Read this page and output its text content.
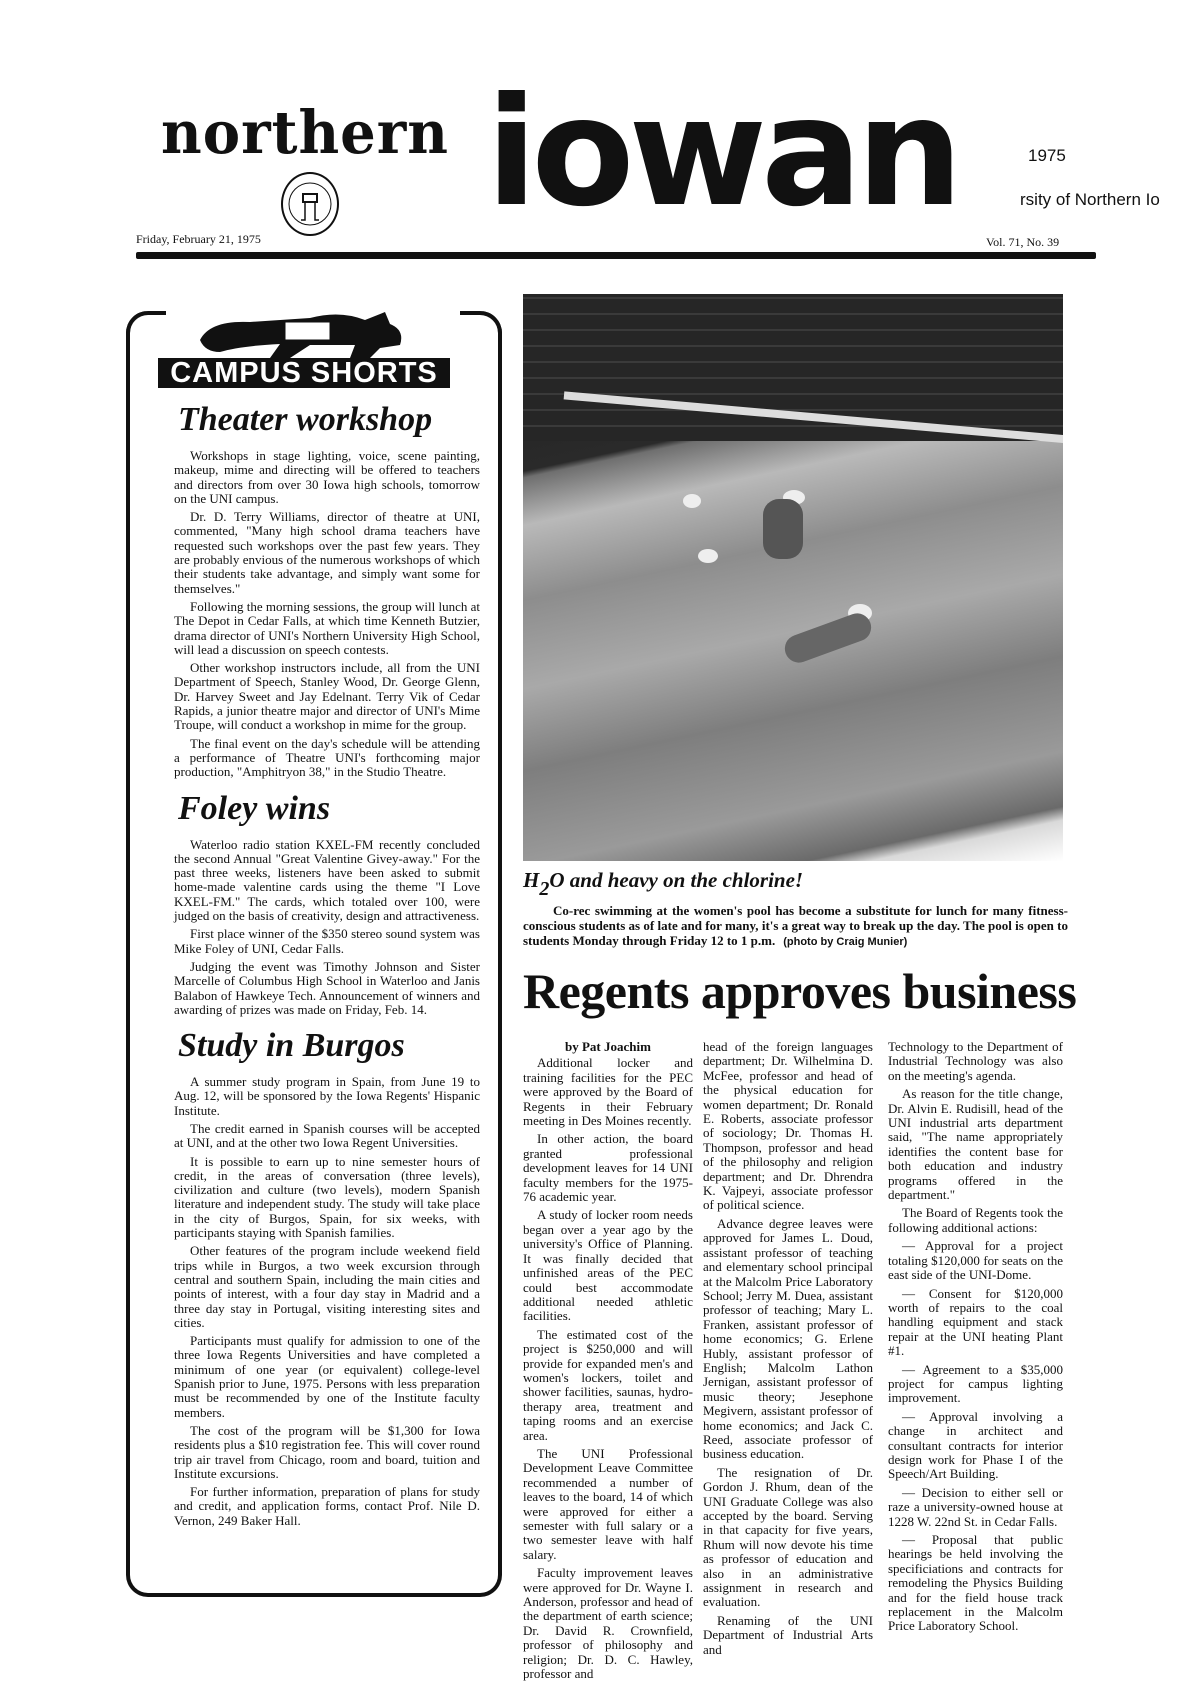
northern iowan	1975
rsity of Northern Io
Friday, February 21, 1975	Vol. 71, No. 39
CAMPUS SHORTS
Theater workshop

Workshops in stage lighting, voice, scene painting, makeup, mime and directing will be offered to teachers and directors from over 30 Iowa high schools, tomorrow on the UNI campus.

Dr. D. Terry Williams, director of theatre at UNI, commented, "Many high school drama teachers have requested such workshops over the past few years. They are probably envious of the numerous workshops of which their students take advantage, and simply want some for themselves."

Following the morning sessions, the group will lunch at The Depot in Cedar Falls, at which time Kenneth Butzier, drama director of UNI's Northern University High School, will lead a discussion on speech contests.

Other workshop instructors include, all from the UNI Department of Speech, Stanley Wood, Dr. George Glenn, Dr. Harvey Sweet and Jay Edelnant. Terry Vik of Cedar Rapids, a junior theatre major and director of UNI's Mime Troupe, will conduct a workshop in mime for the group.

The final event on the day's schedule will be attending a performance of Theatre UNI's forthcoming major production, "Amphitryon 38," in the Studio Theatre.

Foley wins

Waterloo radio station KXEL-FM recently concluded the second Annual "Great Valentine Givey-away." For the past three weeks, listeners have been asked to submit home-made valentine cards using the theme "I Love KXEL-FM." The cards, which totaled over 100, were judged on the basis of creativity, design and attractiveness.

First place winner of the $350 stereo sound system was Mike Foley of UNI, Cedar Falls.

Judging the event was Timothy Johnson and Sister Marcelle of Columbus High School in Waterloo and Janis Balabon of Hawkeye Tech. Announcement of winners and awarding of prizes was made on Friday, Feb. 14.

Study in Burgos

A summer study program in Spain, from June 19 to Aug. 12, will be sponsored by the Iowa Regents' Hispanic Institute.

The credit earned in Spanish courses will be accepted at UNI, and at the other two Iowa Regent Universities.

It is possible to earn up to nine semester hours of credit, in the areas of conversation (three levels), civilization and culture (two levels), modern Spanish literature and independent study. The study will take place in the city of Burgos, Spain, for six weeks, with participants staying with Spanish families.

Other features of the program include weekend field trips while in Burgos, a two week excursion through central and southern Spain, including the main cities and points of interest, with a four day stay in Madrid and a three day stay in Portugal, visiting interesting sites and cities.

Participants must qualify for admission to one of the three Iowa Regents Universities and have completed a minimum of one year (or equivalent) college-level Spanish prior to June, 1975. Persons with less preparation must be recommended by one of the Institute faculty members.

The cost of the program will be $1,300 for Iowa residents plus a $10 registration fee. This will cover round trip air travel from Chicago, room and board, tuition and Institute excursions.

For further information, preparation of plans for study and credit, and application forms, contact Prof. Nile D. Vernon, 249 Baker Hall.

$H_2O$ and heavy on the chlorine!
Co-rec swimming at the women's pool has become a substitute for lunch for many fitness-conscious students as of late and for many, it's a great way to break up the day. The pool is open to students Monday through Friday 12 to 1 p.m. (photo by Craig Munier)
Regents approves business
by Pat Joachim

Additional locker and training facilities for the PEC were approved by the Board of Regents in their February meeting in Des Moines recently.

In other action, the board granted professional development leaves for 14 UNI faculty members for the 1975-76 academic year.

A study of locker room needs began over a year ago by the university's Office of Planning. It was finally decided that unfinished areas of the PEC could best accommodate additional needed athletic facilities.

The estimated cost of the project is $250,000 and will provide for expanded men's and women's lockers, toilet and shower facilities, saunas, hydro-therapy area, treatment and taping rooms and an exercise area.

The UNI Professional Development Leave Committee recommended a number of leaves to the board, 14 of which were approved for either a semester with full salary or a two semester leave with half salary.

Faculty improvement leaves were approved for Dr. Wayne I. Anderson, professor and head of the department of earth science; Dr. David R. Crownfield, professor of philosophy and religion; Dr. D. C. Hawley, professor and

head of the foreign languages department; Dr. Wilhelmina D. McFee, professor and head of the physical education for women department; Dr. Ronald E. Roberts, associate professor of sociology; Dr. Thomas H. Thompson, professor and head of the philosophy and religion department; and Dr. Dhrendra K. Vajpeyi, associate professor of political science.

Advance degree leaves were approved for James L. Doud, assistant professor of teaching and elementary school principal at the Malcolm Price Laboratory School; Jerry M. Duea, assistant professor of teaching; Mary L. Franken, assistant professor of home economics; G. Erlene Hubly, assistant professor of English; Malcolm Lathon Jernigan, assistant professor of music theory; Jesephone Megivern, assistant professor of home economics; and Jack C. Reed, associate professor of business education.

The resignation of Dr. Gordon J. Rhum, dean of the UNI Graduate College was also accepted by the board. Serving in that capacity for five years, Rhum will now devote his time as professor of education and also in an administrative assignment in research and evaluation.

Renaming of the UNI Department of Industrial Arts and

Technology to the Department of Industrial Technology was also on the meeting's agenda.

As reason for the title change, Dr. Alvin E. Rudisill, head of the UNI industrial arts department said, "The name appropriately identifies the content base for both education and industry programs offered in the department."

The Board of Regents took the following additional actions:

— Approval for a project totaling $120,000 for seats on the east side of the UNI-Dome.

— Consent for $120,000 worth of repairs to the coal handling equipment and stack repair at the UNI heating Plant #1.

— Agreement to a $35,000 project for campus lighting improvement.

— Approval involving a change in architect and consultant contracts for interior design work for Phase I of the Speech/Art Building.

— Decision to either sell or raze a university-owned house at 1228 W. 22nd St. in Cedar Falls.

— Proposal that public hearings be held involving the specificiations and contracts for remodeling the Physics Building and for the field house track replacement in the Malcolm Price Laboratory School.
